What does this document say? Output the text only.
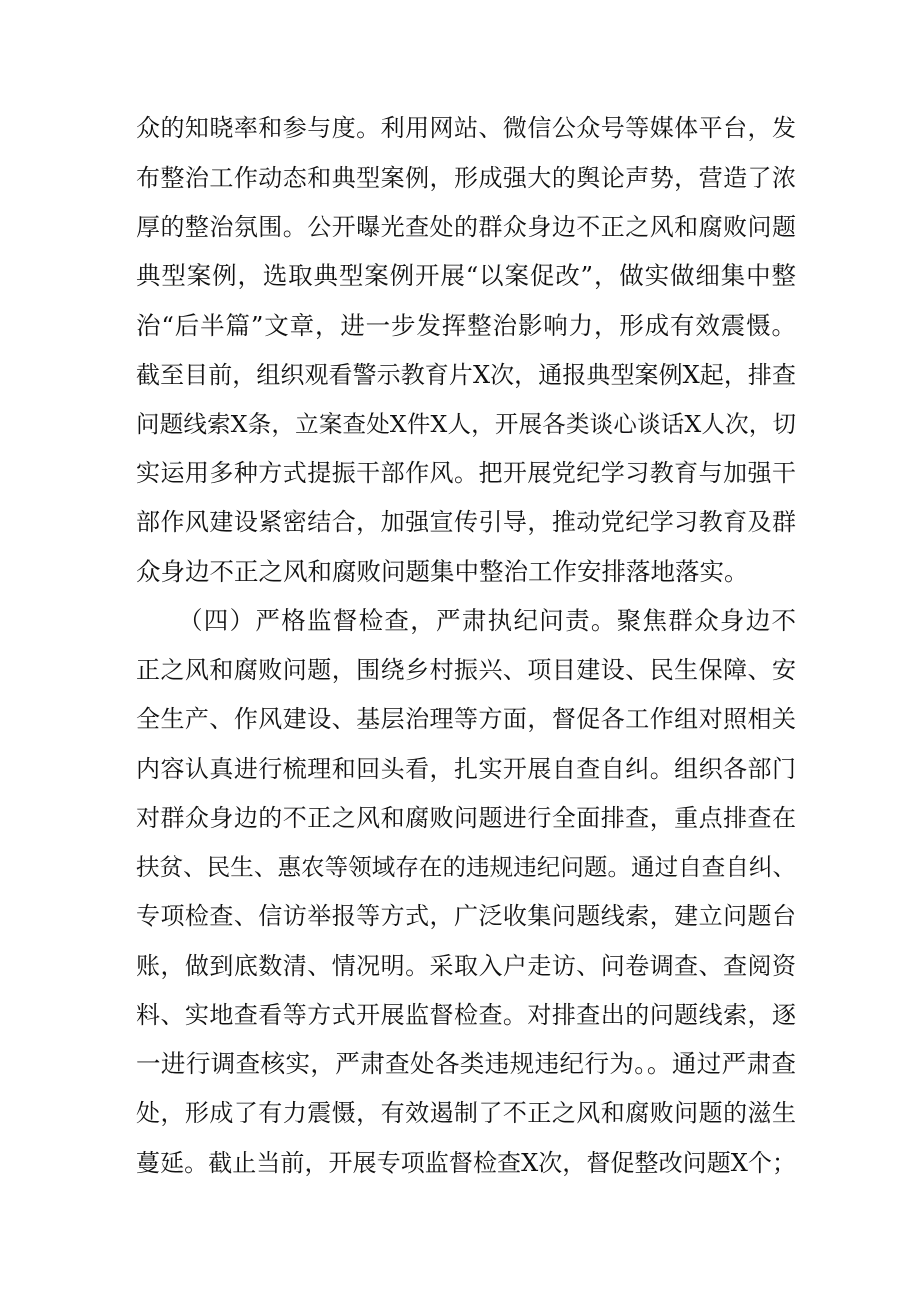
众的知晓率和参与度。利用网站、微信公众号等媒体平台，发
布整治工作动态和典型案例，形成强大的舆论声势，营造了浓
厚的整治氛围。公开曝光查处的群众身边不正之风和腐败问题
典型案例，选取典型案例开展“以案促改”，做实做细集中整
治“后半篇”文章，进一步发挥整治影响力，形成有效震慑。
截至目前，组织观看警示教育片X次，通报典型案例X起，排查
问题线索X条，立案查处X件X人，开展各类谈心谈话X人次，切
实运用多种方式提振干部作风。把开展党纪学习教育与加强干
部作风建设紧密结合，加强宣传引导，推动党纪学习教育及群
众身边不正之风和腐败问题集中整治工作安排落地落实。
（四）严格监督检查，严肃执纪问责。聚焦群众身边不
正之风和腐败问题，围绕乡村振兴、项目建设、民生保障、安
全生产、作风建设、基层治理等方面，督促各工作组对照相关
内容认真进行梳理和回头看，扎实开展自查自纠。组织各部门
对群众身边的不正之风和腐败问题进行全面排查，重点排查在
扶贫、民生、惠农等领域存在的违规违纪问题。通过自查自纠、
专项检查、信访举报等方式，广泛收集问题线索，建立问题台
账，做到底数清、情况明。采取入户走访、问卷调查、查阅资
料、实地查看等方式开展监督检查。对排查出的问题线索，逐
一进行调查核实，严肃查处各类违规违纪行为。。通过严肃查
处，形成了有力震慑，有效遏制了不正之风和腐败问题的滋生
蔓延。截止当前，开展专项监督检查X次，督促整改问题X个；
